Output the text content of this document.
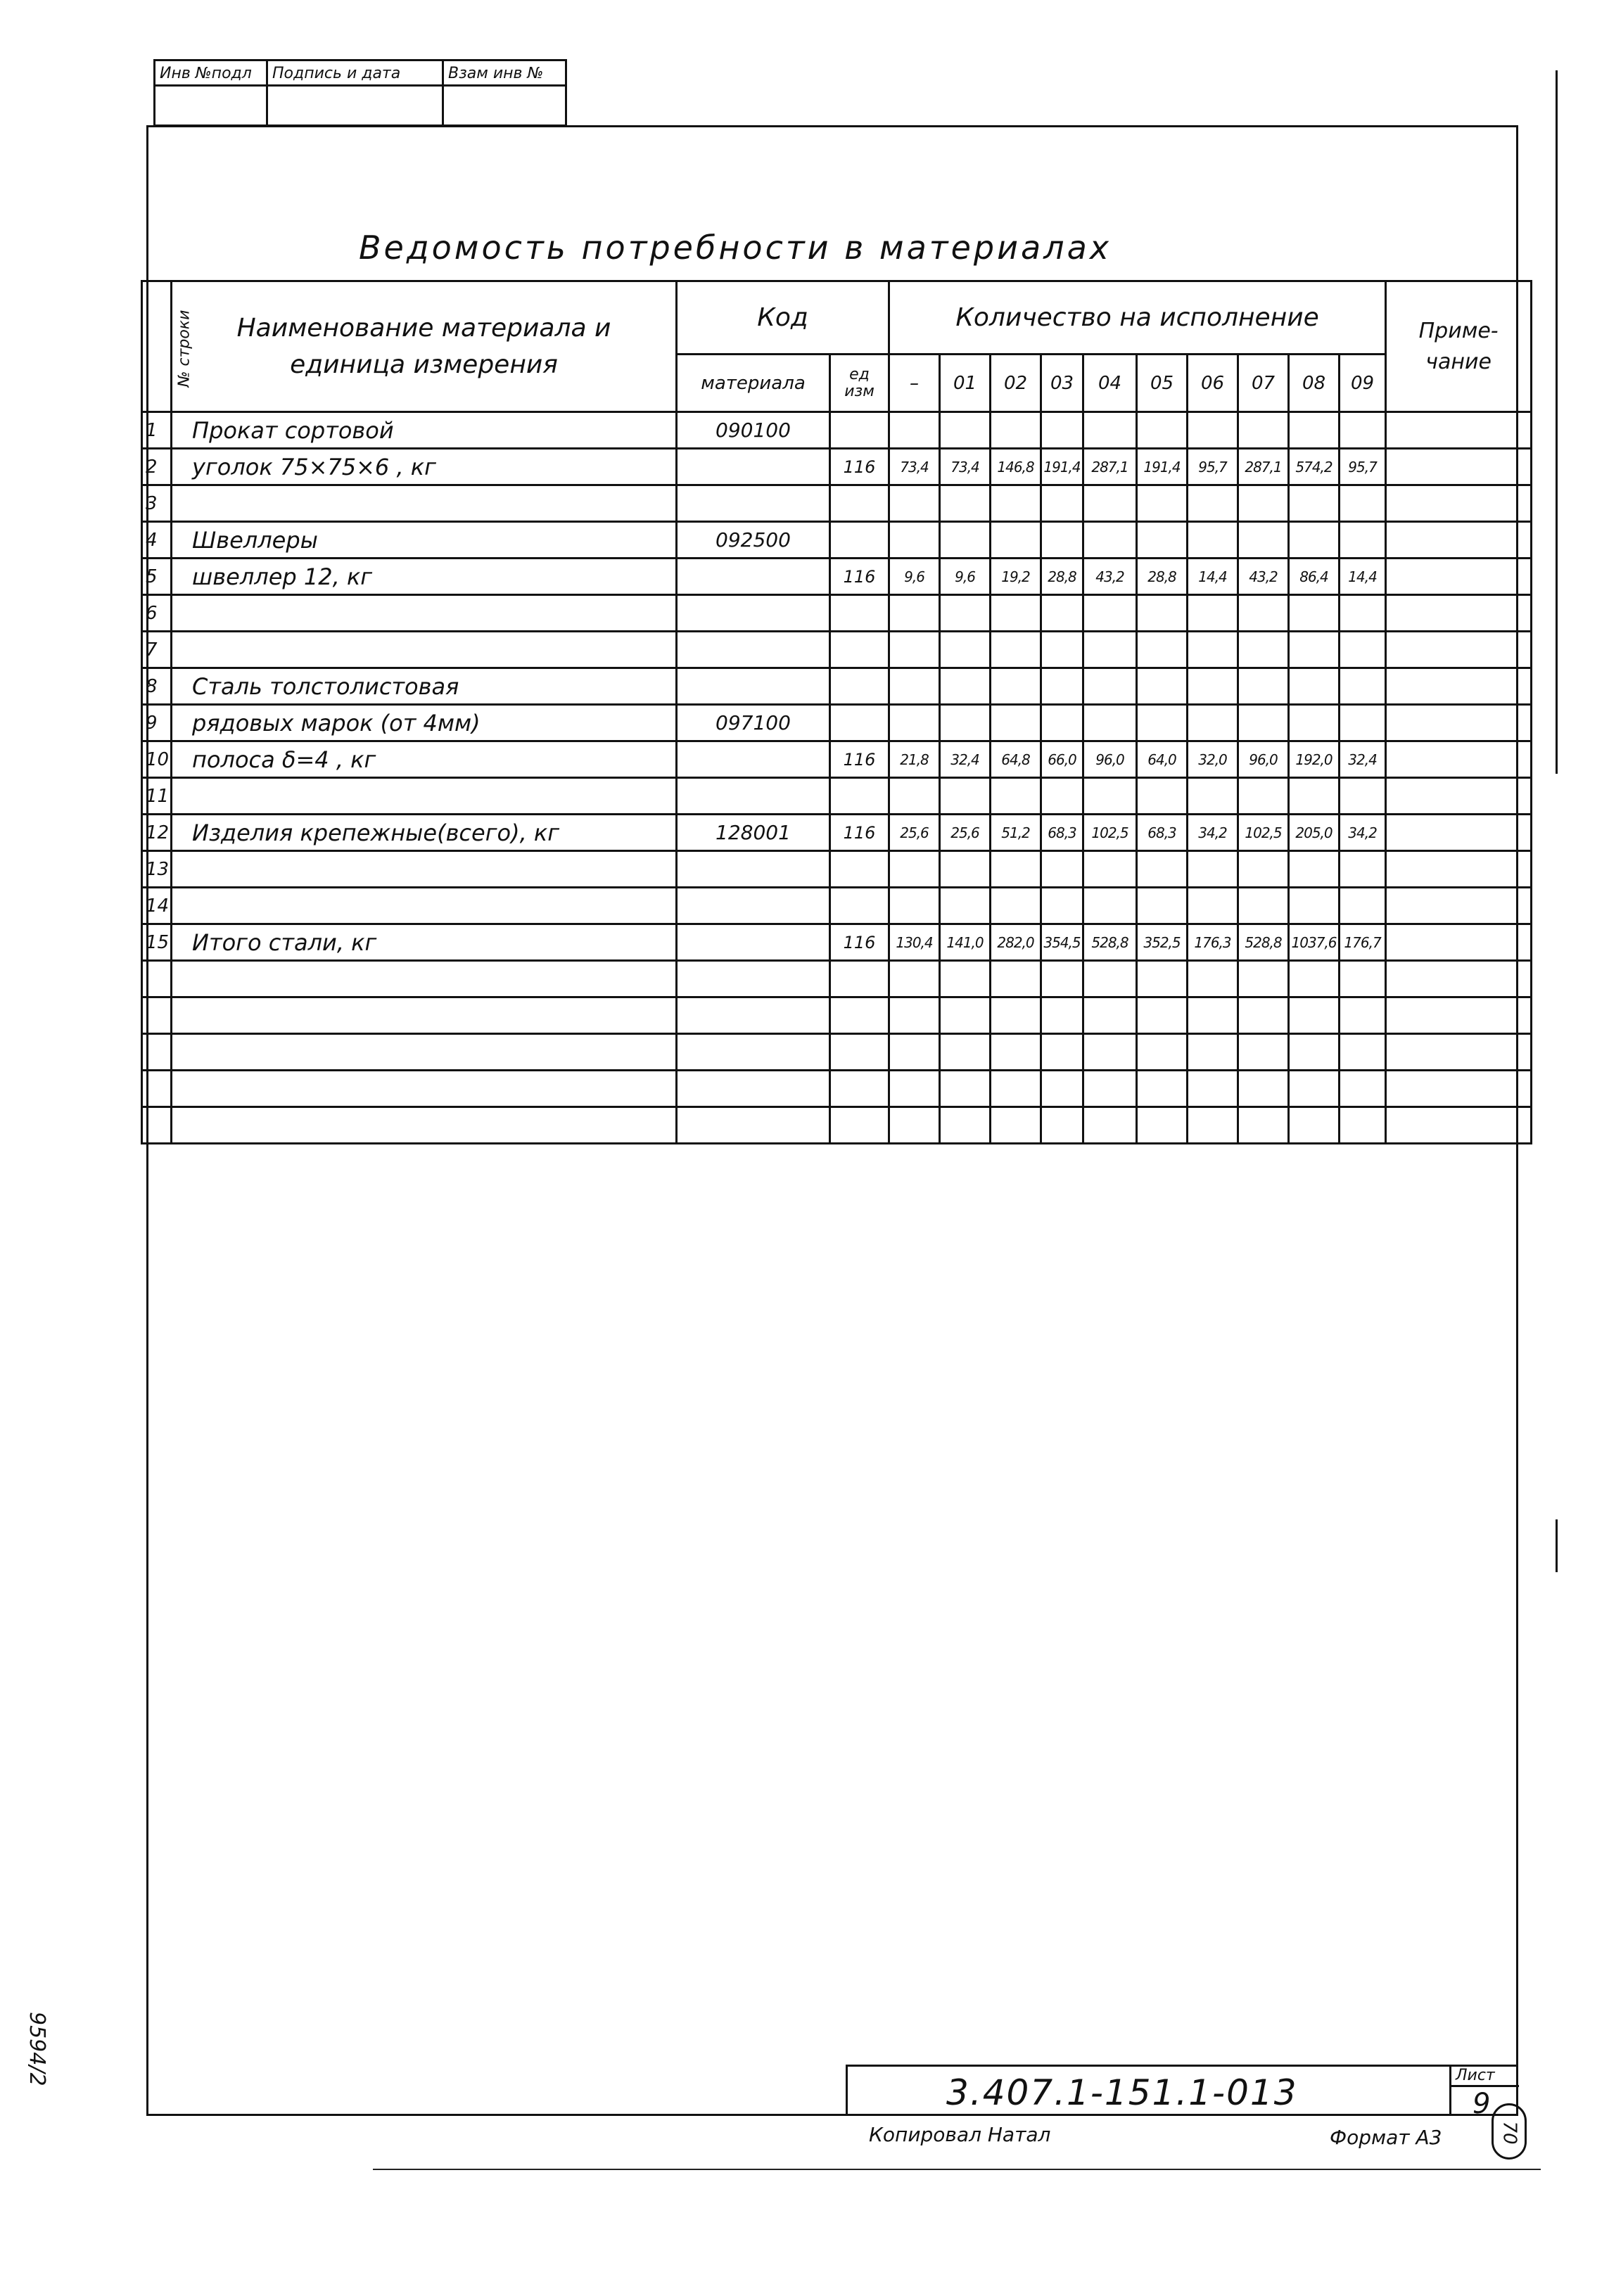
Инв №подл	Подпись и дата	Взам инв №
Ведомость потребности в материалах
№ строки	Наименование материала и единица измерения	Код		Количество на исполнение										Приме- чание
		материала	ед изм	–	01	02	03	04	05	06	07	08	09	
1	Прокат сортовой	090100												
2	уголок 75×75×6 , кг		116	73,4	73,4	146,8	191,4	287,1	191,4	95,7	287,1	574,2	95,7	
3														
4	Швеллеры	092500												
5	швеллер 12, кг		116	9,6	9,6	19,2	28,8	43,2	28,8	14,4	43,2	86,4	14,4	
6														
7														
8	Сталь толстолистовая													
9	рядовых марок (от 4мм)	097100												
10	полоса δ=4 , кг		116	21,8	32,4	64,8	66,0	96,0	64,0	32,0	96,0	192,0	32,4	
11														
12	Изделия крепежные(всего), кг	128001	116	25,6	25,6	51,2	68,3	102,5	68,3	34,2	102,5	205,0	34,2	
13														
14														
15	Итого стали, кг		116	130,4	141,0	282,0	354,5	528,8	352,5	176,3	528,8	1037,6	176,7	

3.407.1-151.1-013	Лист
9
Копировал Натал	Формат А3	70
9594/2
